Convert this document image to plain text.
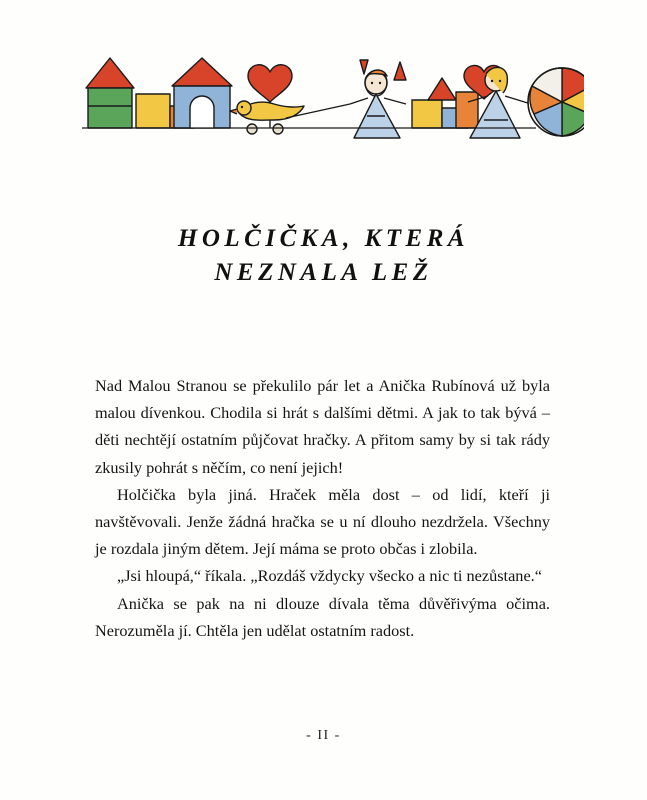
HOLČIČKA, KTERÁ
NEZNALA LEŽ

Nad Malou Stranou se překulilo pár let a Anička Rubínová už byla malou dívenkou. Chodila si hrát s dalšími dětmi. A jak to tak bývá – děti nechtějí ostatním půjčovat hračky. A přitom samy by si tak rády zkusily pohrát s něčím, co není jejich!

Holčička byla jiná. Hraček měla dost – od lidí, kteří ji navštěvovali. Jenže žádná hračka se u ní dlouho nezdržela. Všechny je rozdala jiným dětem. Její máma se proto občas i zlobila.

„Jsi hloupá,“ říkala. „Rozdáš vždycky všecko a nic ti nezůstane.“

Anička se pak na ni dlouze dívala těma důvěřivýma očima. Nerozuměla jí. Chtěla jen udělat ostatním radost.

- II -
